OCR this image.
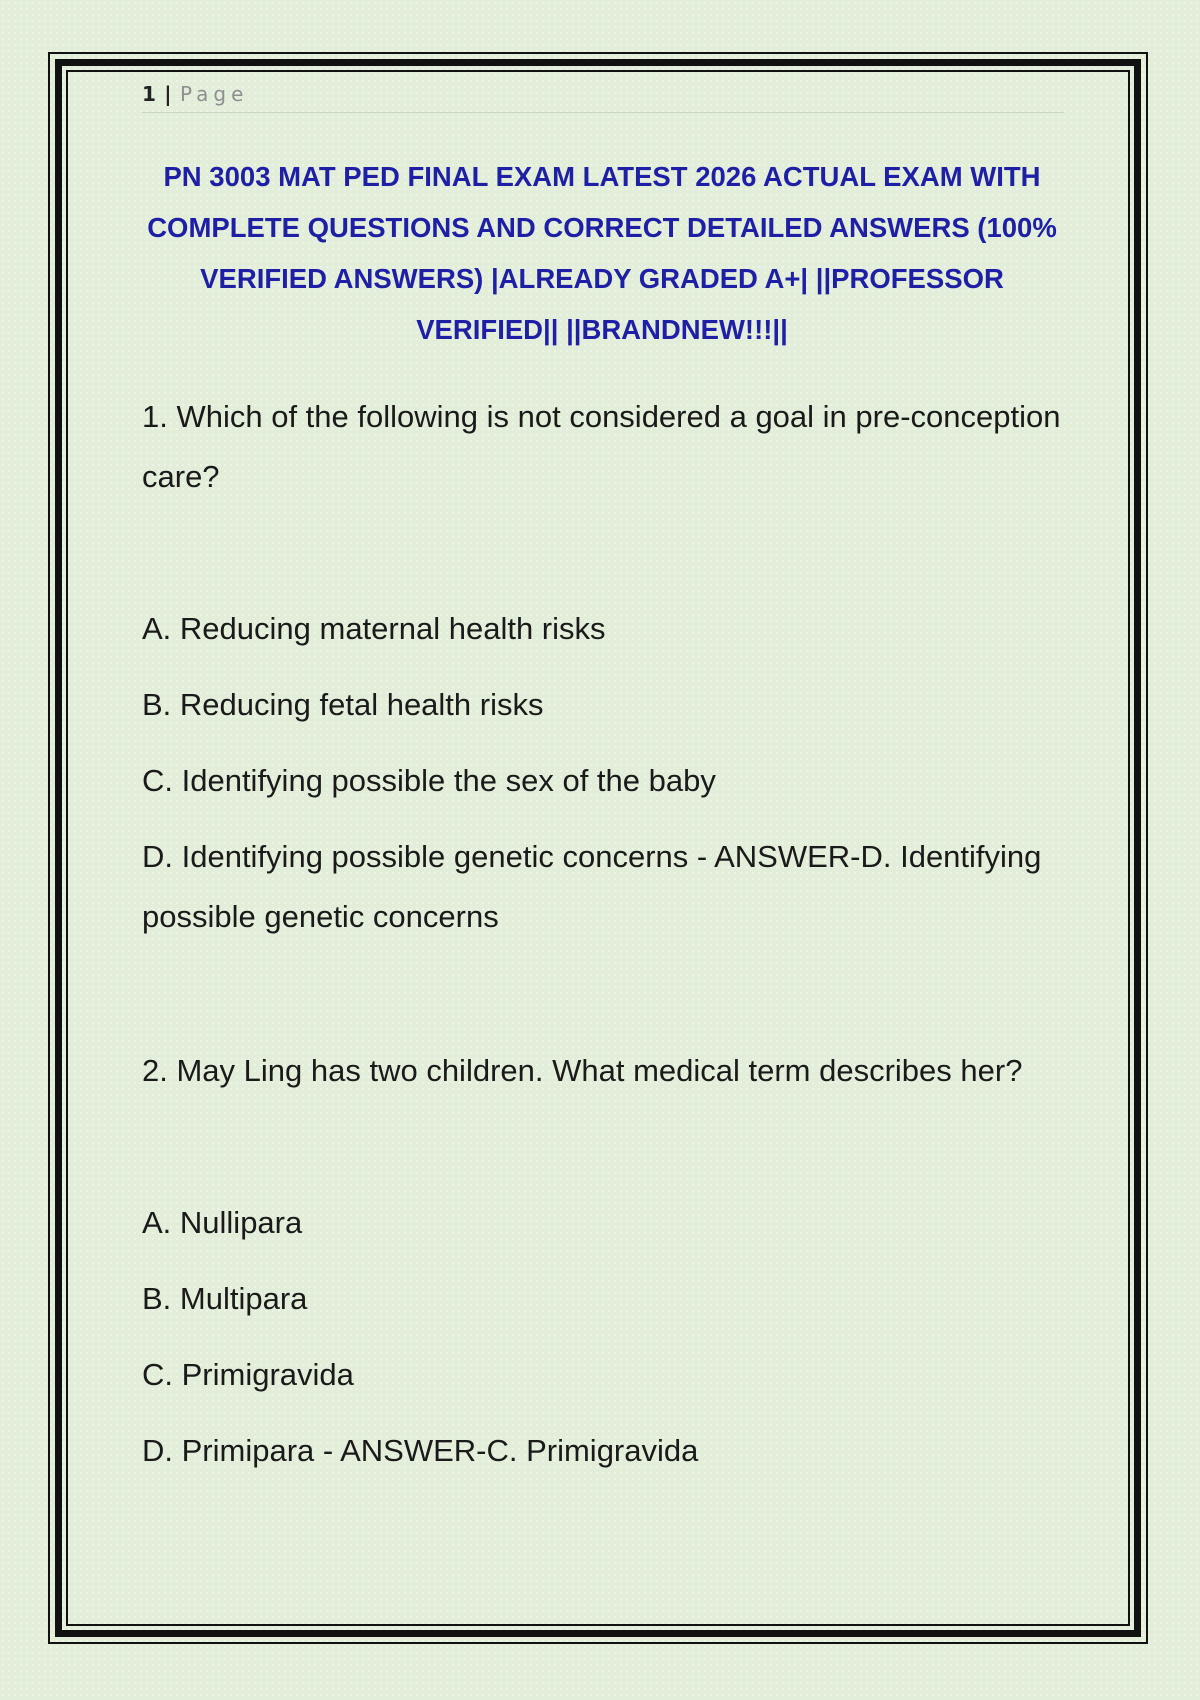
1 | Page
PN 3003 MAT PED FINAL EXAM LATEST 2026 ACTUAL EXAM WITH COMPLETE QUESTIONS AND CORRECT DETAILED ANSWERS (100% VERIFIED ANSWERS) |ALREADY GRADED A+| ||PROFESSOR VERIFIED|| ||BRANDNEW!!!||

1. Which of the following is not considered a goal in pre-conception care?

A. Reducing maternal health risks

B. Reducing fetal health risks

C. Identifying possible the sex of the baby

D. Identifying possible genetic concerns - ANSWER-D. Identifying possible genetic concerns

2. May Ling has two children. What medical term describes her?

A. Nullipara

B. Multipara

C. Primigravida

D. Primipara - ANSWER-C. Primigravida
